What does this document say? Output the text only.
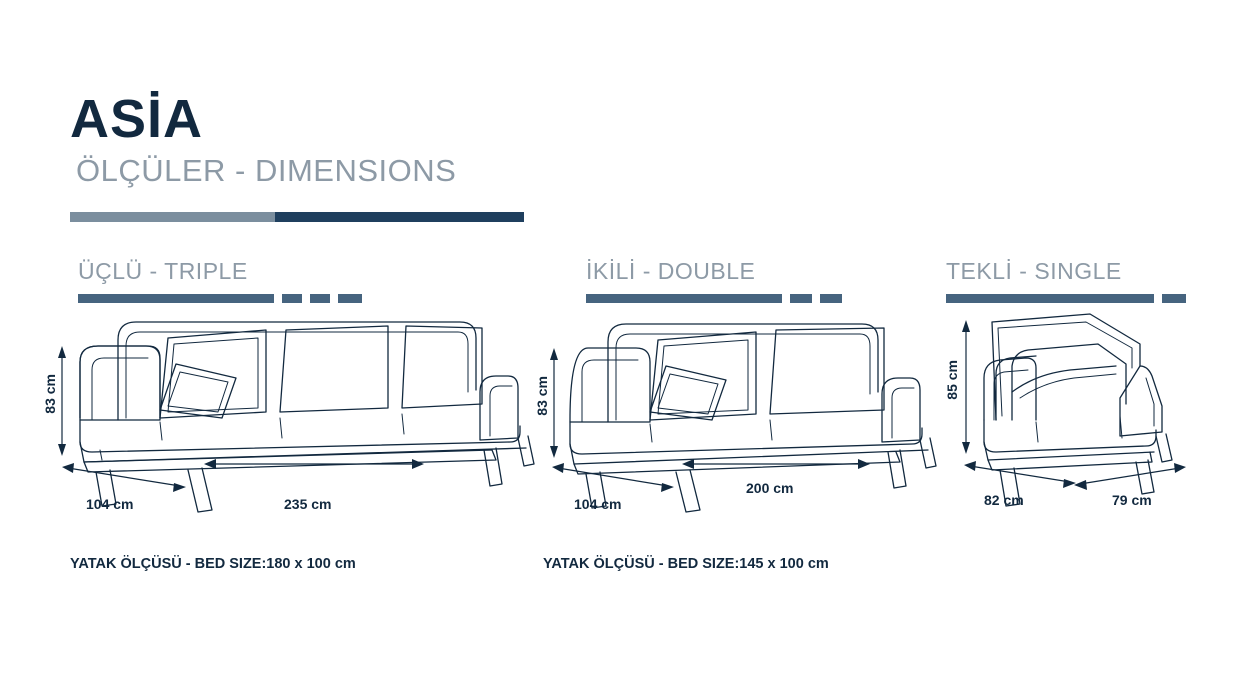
ASİA
ÖLÇÜLER - DIMENSIONS
ÜÇLÜ - TRIPLE
83 cm
104 cm	235 cm
YATAK ÖLÇÜSÜ - BED SIZE:180 x 100 cm
İKİLİ - DOUBLE
83 cm
104 cm
200 cm
YATAK ÖLÇÜSÜ - BED SIZE:145 x 100 cm
TEKLİ - SINGLE
85 cm
82 cm	79 cm
